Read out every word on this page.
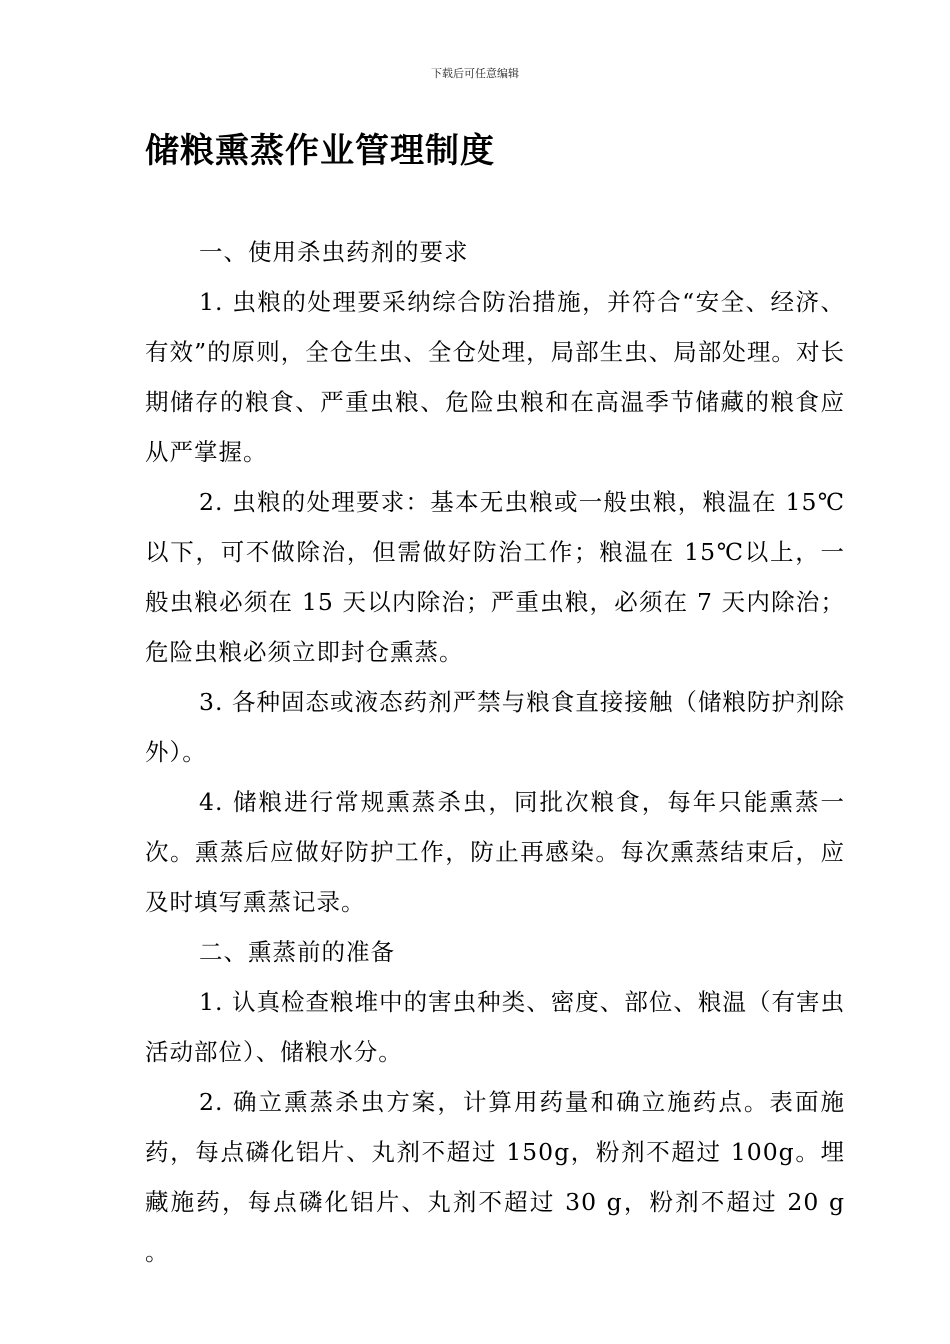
下载后可任意编辑
储粮熏蒸作业管理制度

一、使用杀虫药剂的要求

1. 虫粮的处理要采纳综合防治措施，并符合“安全、经济、有效”的原则，全仓生虫、全仓处理，局部生虫、局部处理。对长期储存的粮食、严重虫粮、危险虫粮和在高温季节储藏的粮食应从严掌握。

2. 虫粮的处理要求：基本无虫粮或一般虫粮，粮温在 15℃以下，可不做除治，但需做好防治工作；粮温在 15℃以上，一般虫粮必须在 15 天以内除治；严重虫粮，必须在 7 天内除治；危险虫粮必须立即封仓熏蒸。

3. 各种固态或液态药剂严禁与粮食直接接触（储粮防护剂除外）。

4. 储粮进行常规熏蒸杀虫，同批次粮食，每年只能熏蒸一次。熏蒸后应做好防护工作，防止再感染。每次熏蒸结束后，应及时填写熏蒸记录。

二、熏蒸前的准备

1. 认真检查粮堆中的害虫种类、密度、部位、粮温（有害虫活动部位）、储粮水分。

2. 确立熏蒸杀虫方案，计算用药量和确立施药点。表面施药，每点磷化铝片、丸剂不超过 150g，粉剂不超过 100g。埋藏施药，每点磷化铝片、丸剂不超过 30 g，粉剂不超过 20 g 。
